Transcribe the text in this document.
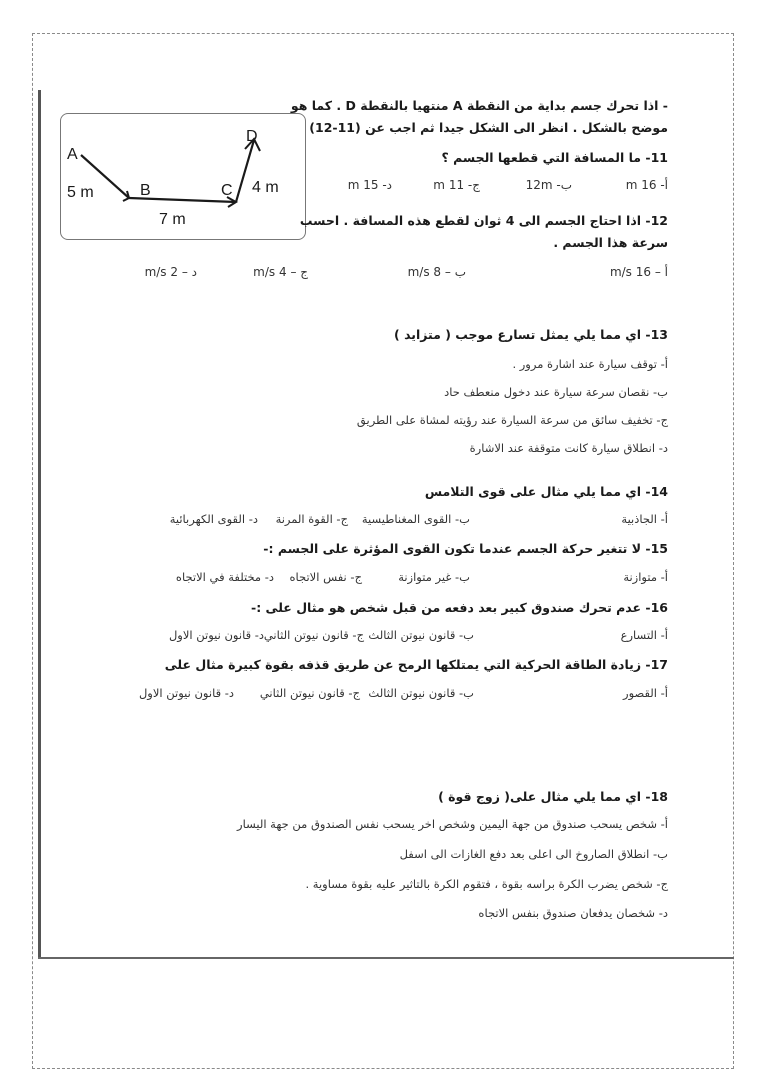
- اذا تحرك جسم بداية من النقطة A منتهيا بالنقطة D . كما هو

موضح بالشكل . انظر الى الشكل جيدا ثم اجب عن (11-12)

A
B	C
D
5 m
7 m
4 m

11- ما المسافة التي قطعها الجسم ؟

أ- 16 m
ب- 12m
ج- 11 m
د- 15 m

12- اذا احتاج الجسم الى 4 ثوان لقطع هذه المسافة . احسب

سرعة هذا الجسم .

أ – 16 m/s
ب – 8 m/s
ج – 4 m/s
د – 2 m/s

13- اي مما يلي يمثل تسارع موجب ( متزايد )

أ- توقف سيارة عند اشارة مرور .

ب- نقصان سرعة سيارة عند دخول منعطف حاد

ج- تخفيف سائق من سرعة السيارة عند رؤيته لمشاة على الطريق

د- انطلاق سيارة كانت متوقفة عند الاشارة

14- اي مما يلي مثال على قوى التلامس

أ- الجاذبية
ب- القوى المغناطيسية
ج- القوة المرنة
د- القوى الكهربائية

15- لا تتغير حركة الجسم عندما تكون القوى المؤثرة على الجسم :-

أ- متوازنة
ب- غير متوازنة
ج- نفس الاتجاه
د- مختلفة في الاتجاه

16- عدم تحرك صندوق كبير بعد دفعه من قبل شخص هو مثال على :-

أ- التسارع
ب- قانون نيوتن الثالث
ج- قانون نيوتن الثاني
د- قانون نيوتن الاول

17- زيادة الطاقة الحركية التي يمتلكها الرمح عن طريق قذفه بقوة كبيرة مثال على

أ- القصور
ب- قانون نيوتن الثالث
ج- قانون نيوتن الثاني
د- قانون نيوتن الاول

18- اي مما يلي مثال على( زوج قوة )

أ- شخص يسحب صندوق من جهة اليمين وشخص اخر يسحب نفس الصندوق من جهة اليسار

ب- انطلاق الصاروخ الى اعلى بعد دفع الغازات الى اسفل

ج- شخص يضرب الكرة براسه بقوة ، فتقوم الكرة بالتاثير عليه بقوة مساوية .

د- شخصان يدفعان صندوق بنفس الاتجاه
